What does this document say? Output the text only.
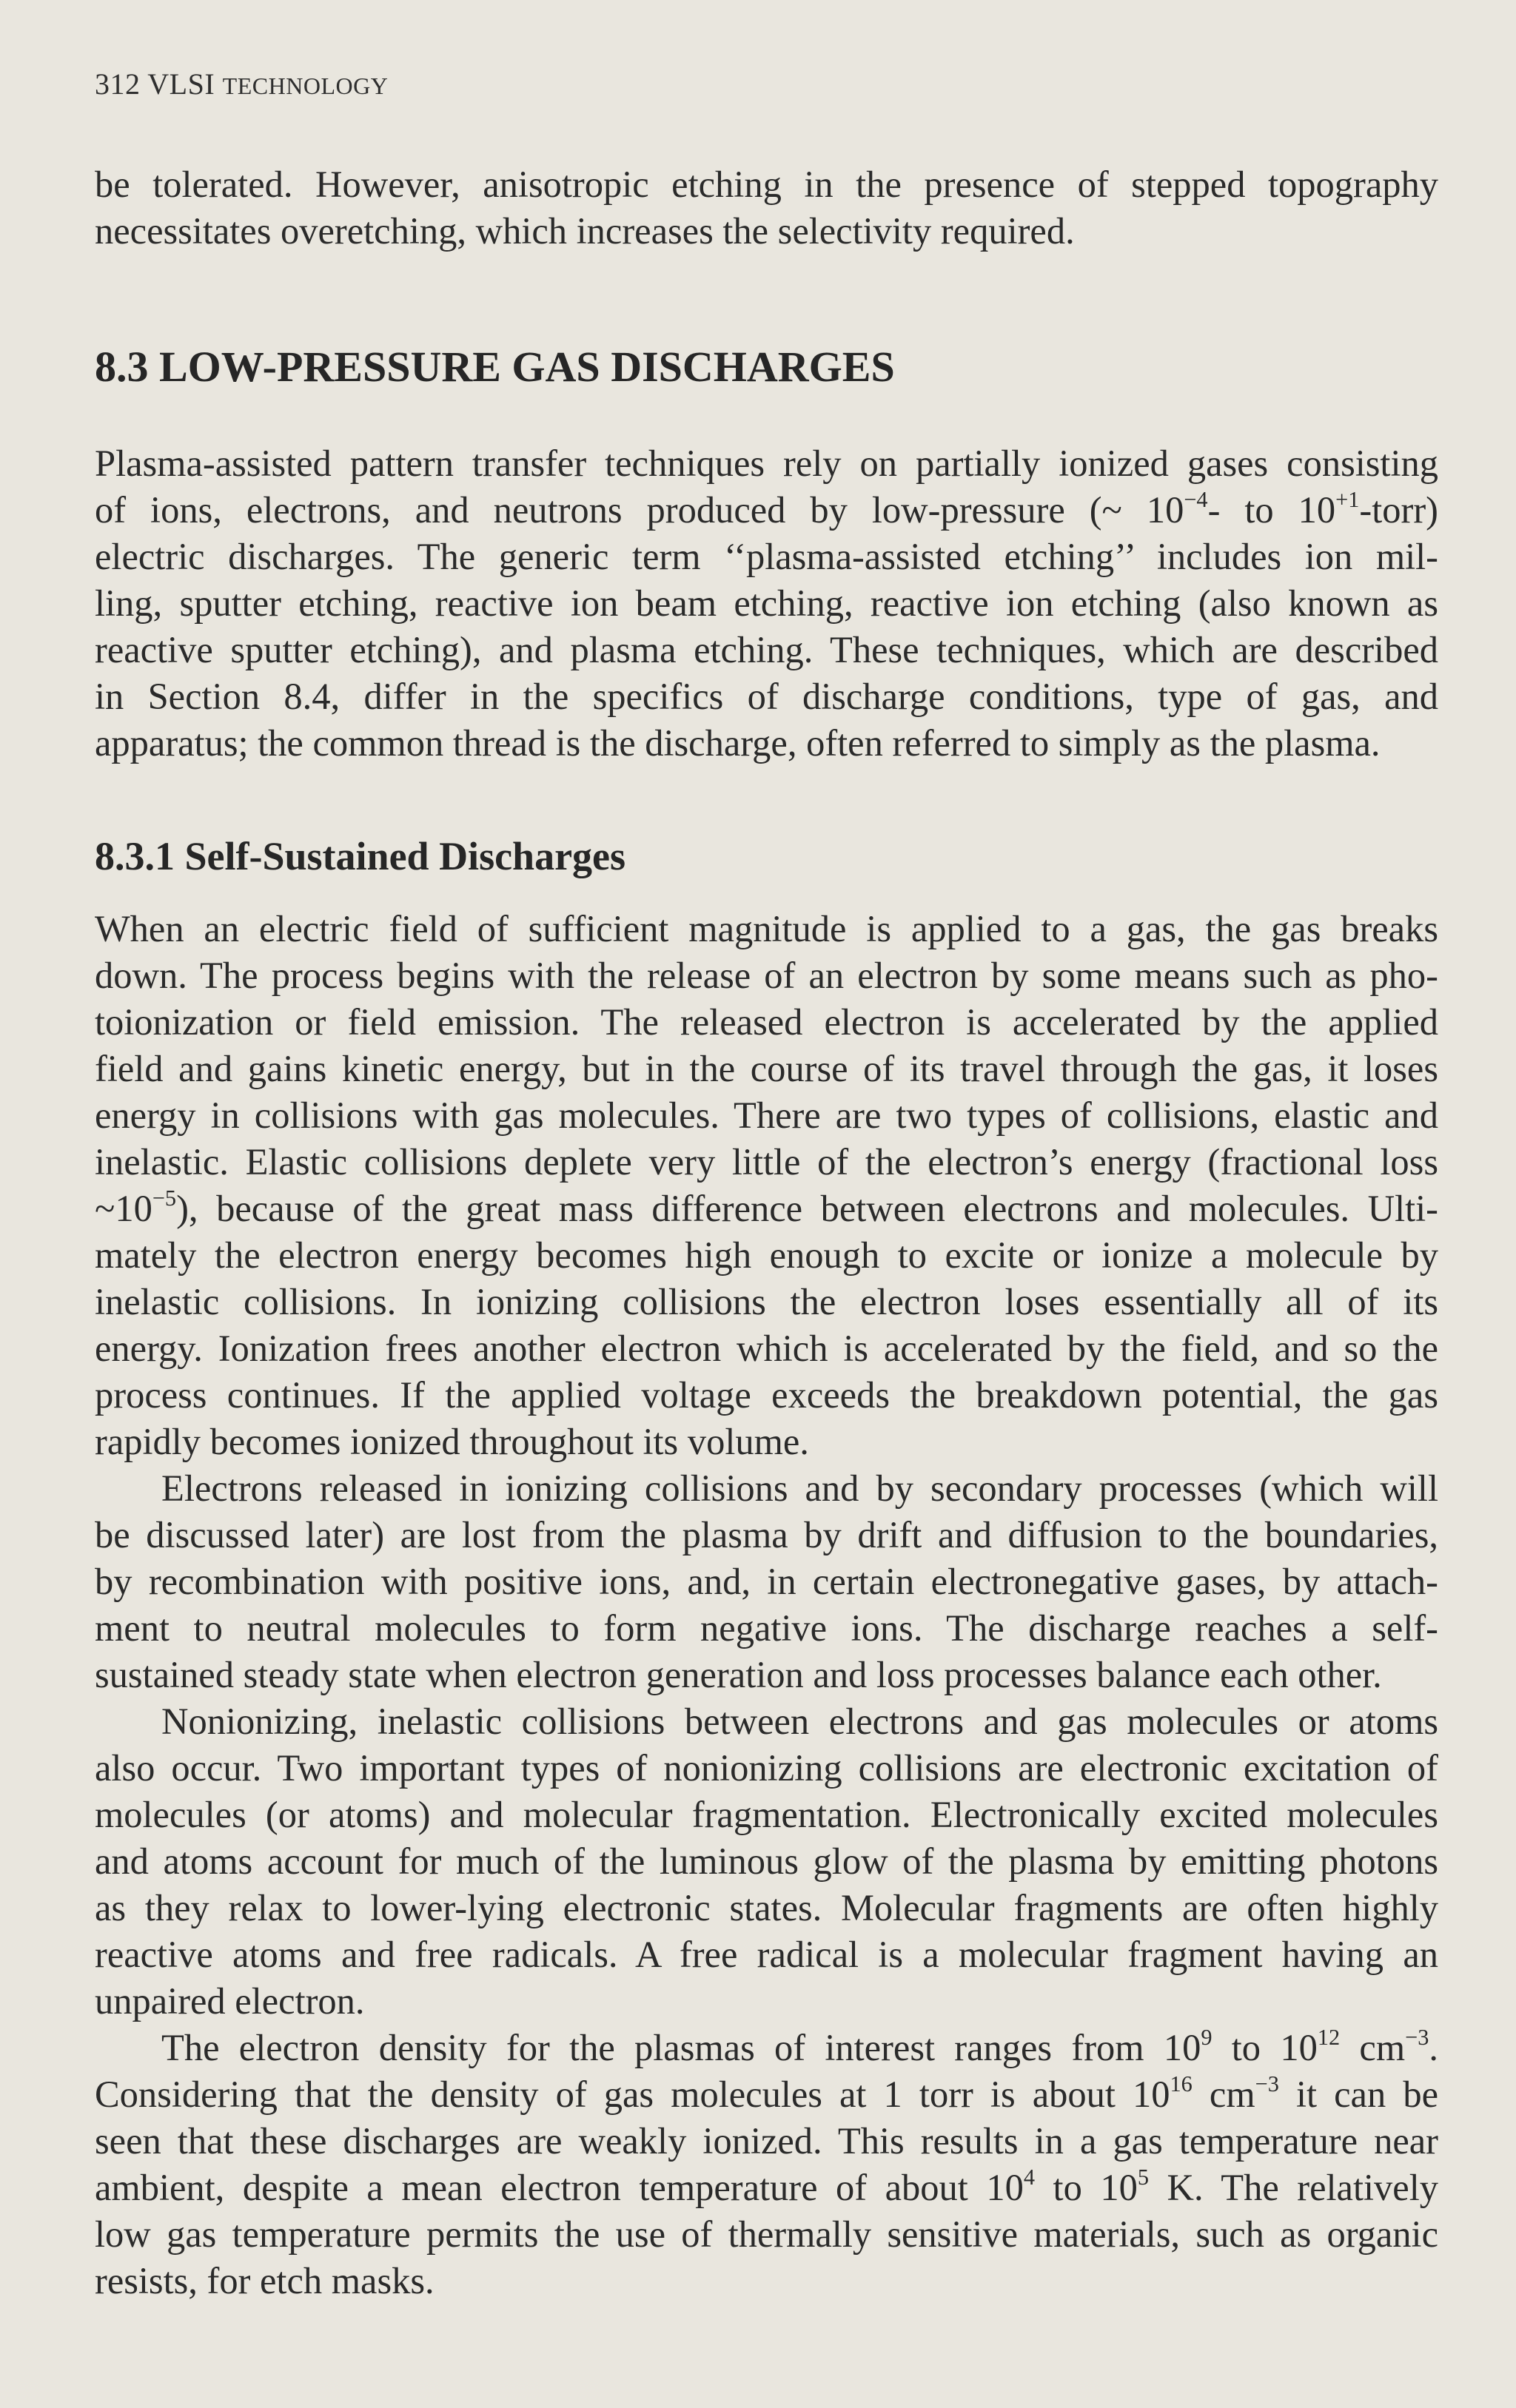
312 VLSI TECHNOLOGY

be tolerated. However, anisotropic etching in the presence of stepped topography
necessitates overetching, which increases the selectivity required.

8.3 LOW-PRESSURE GAS DISCHARGES

Plasma-assisted pattern transfer techniques rely on partially ionized gases consisting
of ions, electrons, and neutrons produced by low-pressure (~ $10^{-4}-$ to $10^{+1}-torr$)
electric discharges. The generic term ‘‘plasma-assisted etching’’ includes ion mil-
ling, sputter etching, reactive ion beam etching, reactive ion etching (also known as
reactive sputter etching), and plasma etching. These techniques, which are described
in Section 8.4, differ in the specifics of discharge conditions, type of gas, and
apparatus; the common thread is the discharge, often referred to simply as the plasma.

8.3.1 Self-Sustained Discharges

When an electric field of sufficient magnitude is applied to a gas, the gas breaks
down. The process begins with the release of an electron by some means such as pho-
toionization or field emission. The released electron is accelerated by the applied
field and gains kinetic energy, but in the course of its travel through the gas, it loses
energy in collisions with gas molecules. There are two types of collisions, elastic and
inelastic. Elastic collisions deplete very little of the electron’s energy (fractional loss
$\sim 10^{-5}$), because of the great mass difference between electrons and molecules. Ulti-
mately the electron energy becomes high enough to excite or ionize a molecule by
inelastic collisions. In ionizing collisions the electron loses essentially all of its
energy. Ionization frees another electron which is accelerated by the field, and so the
process continues. If the applied voltage exceeds the breakdown potential, the gas
rapidly becomes ionized throughout its volume.

Electrons released in ionizing collisions and by secondary processes (which will
be discussed later) are lost from the plasma by drift and diffusion to the boundaries,
by recombination with positive ions, and, in certain electronegative gases, by attach-
ment to neutral molecules to form negative ions. The discharge reaches a self-
sustained steady state when electron generation and loss processes balance each other.

Nonionizing, inelastic collisions between electrons and gas molecules or atoms
also occur. Two important types of nonionizing collisions are electronic excitation of
molecules (or atoms) and molecular fragmentation. Electronically excited molecules
and atoms account for much of the luminous glow of the plasma by emitting photons
as they relax to lower-lying electronic states. Molecular fragments are often highly
reactive atoms and free radicals. A free radical is a molecular fragment having an
unpaired electron.

The electron density for the plasmas of interest ranges from $10^9$ to $10^{12}$ $cm^{-3}$.
Considering that the density of gas molecules at 1 torr is about $10^{16}$ $cm^{-3}$ it can be
seen that these discharges are weakly ionized. This results in a gas temperature near
ambient, despite a mean electron temperature of about $10^4$ to $10^5$ K. The relatively
low gas temperature permits the use of thermally sensitive materials, such as organic
resists, for etch masks.
